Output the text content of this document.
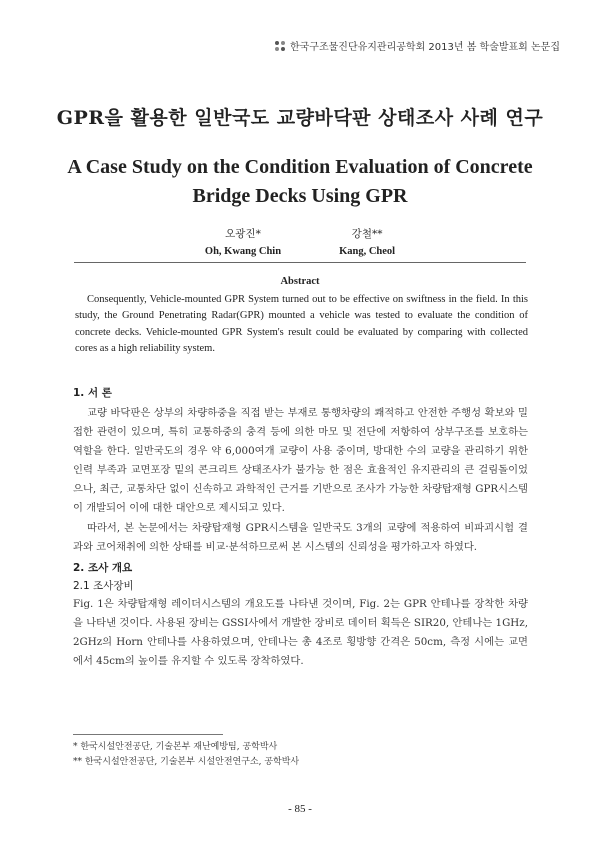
한국구조물진단유지관리공학회 2013년 봄 학술발표회 논문집
GPR을 활용한 일반국도 교량바닥판 상태조사 사례 연구
A Case Study on the Condition Evaluation of Concrete Bridge Decks Using GPR
오광진*
Oh, Kwang Chin
강철**
Kang, Cheol
Abstract
Consequently, Vehicle-mounted GPR System turned out to be effective on swiftness in the field. In this study, the Ground Penetrating Radar(GPR) mounted a vehicle was tested to evaluate the condition of concrete decks. Vehicle-mounted GPR System's result could be evaluated by comparing with collected cores as a high reliability system.
1. 서 론

교량 바닥판은 상부의 차량하중을 직접 받는 부재로 통행차량의 쾌적하고 안전한 주행성 확보와 밀접한 관련이 있으며, 특히 교통하중의 충격 등에 의한 마모 및 전단에 저항하여 상부구조를 보호하는 역할을 한다. 일반국도의 경우 약 6,000여개 교량이 사용 중이며, 방대한 수의 교량을 관리하기 위한 인력 부족과 교면포장 밑의 콘크리트 상태조사가 불가능 한 점은 효율적인 유지관리의 큰 걸림돌이었으나, 최근, 교통차단 없이 신속하고 과학적인 근거를 기반으로 조사가 가능한 차량탑재형 GPR시스템이 개발되어 이에 대한 대안으로 제시되고 있다.

따라서, 본 논문에서는 차량탑재형 GPR시스템을 일반국도 3개의 교량에 적용하여 비파괴시험 결과와 코어채취에 의한 상태를 비교·분석하므로써 본 시스템의 신뢰성을 평가하고자 하였다.

2. 조사 개요
2.1 조사장비

Fig. 1은 차량탑재형 레이더시스템의 개요도를 나타낸 것이며, Fig. 2는 GPR 안테나를 장착한 차량을 나타낸 것이다. 사용된 장비는 GSSI사에서 개발한 장비로 데이터 획득은 SIR20, 안테나는 1GHz, 2GHz의 Horn 안테나를 사용하였으며, 안테나는 총 4조로 횡방향 간격은 50cm, 측정 시에는 교면에서 45cm의 높이를 유지할 수 있도록 장착하였다.

* 한국시설안전공단, 기술본부 재난예방팀, 공학박사
** 한국시설안전공단, 기술본부 시설안전연구소, 공학박사
- 85 -
